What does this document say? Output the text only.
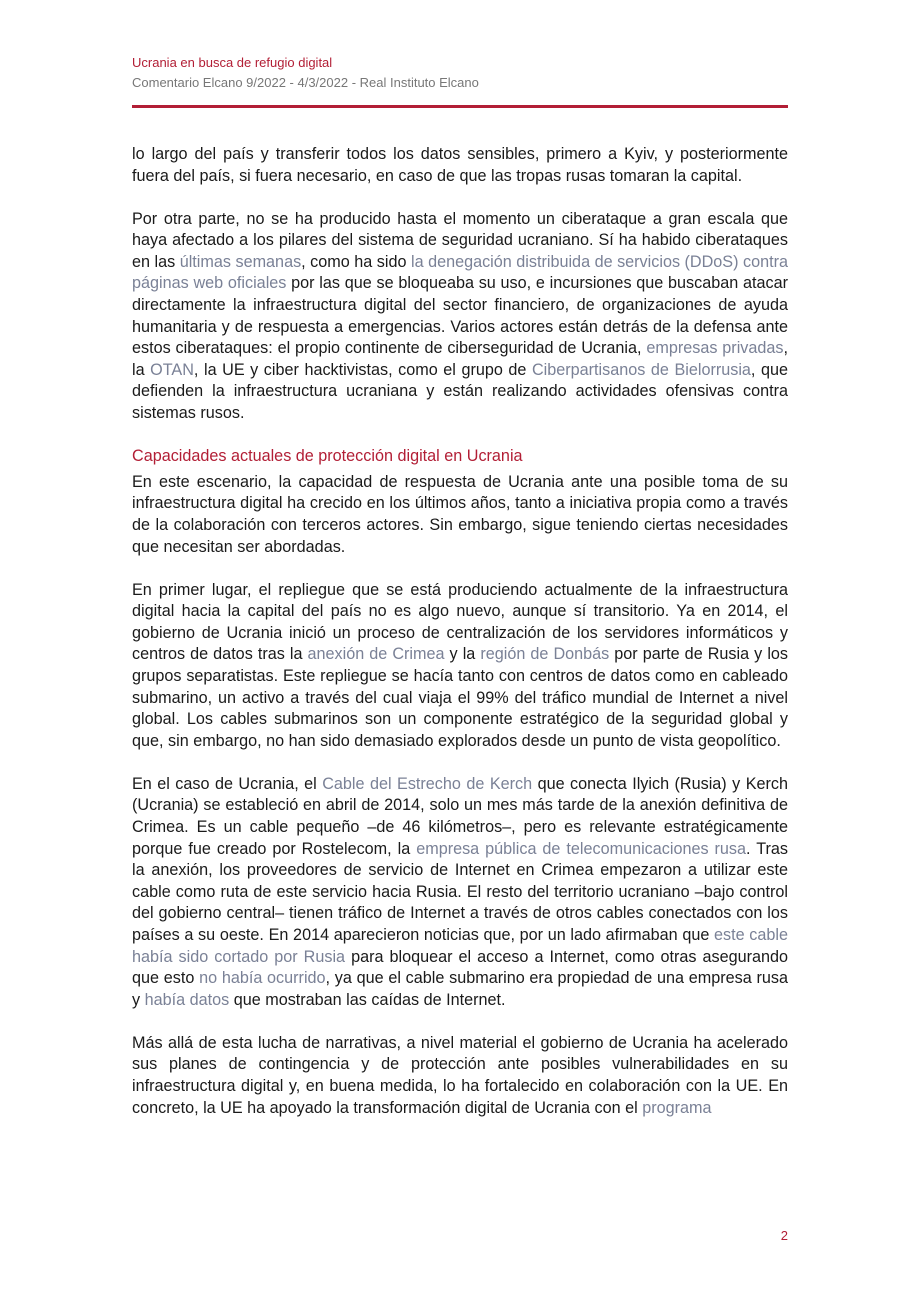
Ucrania en busca de refugio digital
Comentario Elcano 9/2022 - 4/3/2022 - Real Instituto Elcano

lo largo del país y transferir todos los datos sensibles, primero a Kyiv, y posteriormente fuera del país, si fuera necesario, en caso de que las tropas rusas tomaran la capital.

Por otra parte, no se ha producido hasta el momento un ciberataque a gran escala que haya afectado a los pilares del sistema de seguridad ucraniano. Sí ha habido ciberataques en las últimas semanas, como ha sido la denegación distribuida de servicios (DDoS) contra páginas web oficiales por las que se bloqueaba su uso, e incursiones que buscaban atacar directamente la infraestructura digital del sector financiero, de organizaciones de ayuda humanitaria y de respuesta a emergencias. Varios actores están detrás de la defensa ante estos ciberataques: el propio continente de ciberseguridad de Ucrania, empresas privadas, la OTAN, la UE y ciber hacktivistas, como el grupo de Ciberpartisanos de Bielorrusia, que defienden la infraestructura ucraniana y están realizando actividades ofensivas contra sistemas rusos.

Capacidades actuales de protección digital en Ucrania

En este escenario, la capacidad de respuesta de Ucrania ante una posible toma de su infraestructura digital ha crecido en los últimos años, tanto a iniciativa propia como a través de la colaboración con terceros actores. Sin embargo, sigue teniendo ciertas necesidades que necesitan ser abordadas.

En primer lugar, el repliegue que se está produciendo actualmente de la infraestructura digital hacia la capital del país no es algo nuevo, aunque sí transitorio. Ya en 2014, el gobierno de Ucrania inició un proceso de centralización de los servidores informáticos y centros de datos tras la anexión de Crimea y la región de Donbás por parte de Rusia y los grupos separatistas. Este repliegue se hacía tanto con centros de datos como en cableado submarino, un activo a través del cual viaja el 99% del tráfico mundial de Internet a nivel global. Los cables submarinos son un componente estratégico de la seguridad global y que, sin embargo, no han sido demasiado explorados desde un punto de vista geopolítico.

En el caso de Ucrania, el Cable del Estrecho de Kerch que conecta Ilyich (Rusia) y Kerch (Ucrania) se estableció en abril de 2014, solo un mes más tarde de la anexión definitiva de Crimea. Es un cable pequeño –de 46 kilómetros–, pero es relevante estratégicamente porque fue creado por Rostelecom, la empresa pública de telecomunicaciones rusa. Tras la anexión, los proveedores de servicio de Internet en Crimea empezaron a utilizar este cable como ruta de este servicio hacia Rusia. El resto del territorio ucraniano –bajo control del gobierno central– tienen tráfico de Internet a través de otros cables conectados con los países a su oeste. En 2014 aparecieron noticias que, por un lado afirmaban que este cable había sido cortado por Rusia para bloquear el acceso a Internet, como otras asegurando que esto no había ocurrido, ya que el cable submarino era propiedad de una empresa rusa y había datos que mostraban las caídas de Internet.

Más allá de esta lucha de narrativas, a nivel material el gobierno de Ucrania ha acelerado sus planes de contingencia y de protección ante posibles vulnerabilidades en su infraestructura digital y, en buena medida, lo ha fortalecido en colaboración con la UE. En concreto, la UE ha apoyado la transformación digital de Ucrania con el programa

2
